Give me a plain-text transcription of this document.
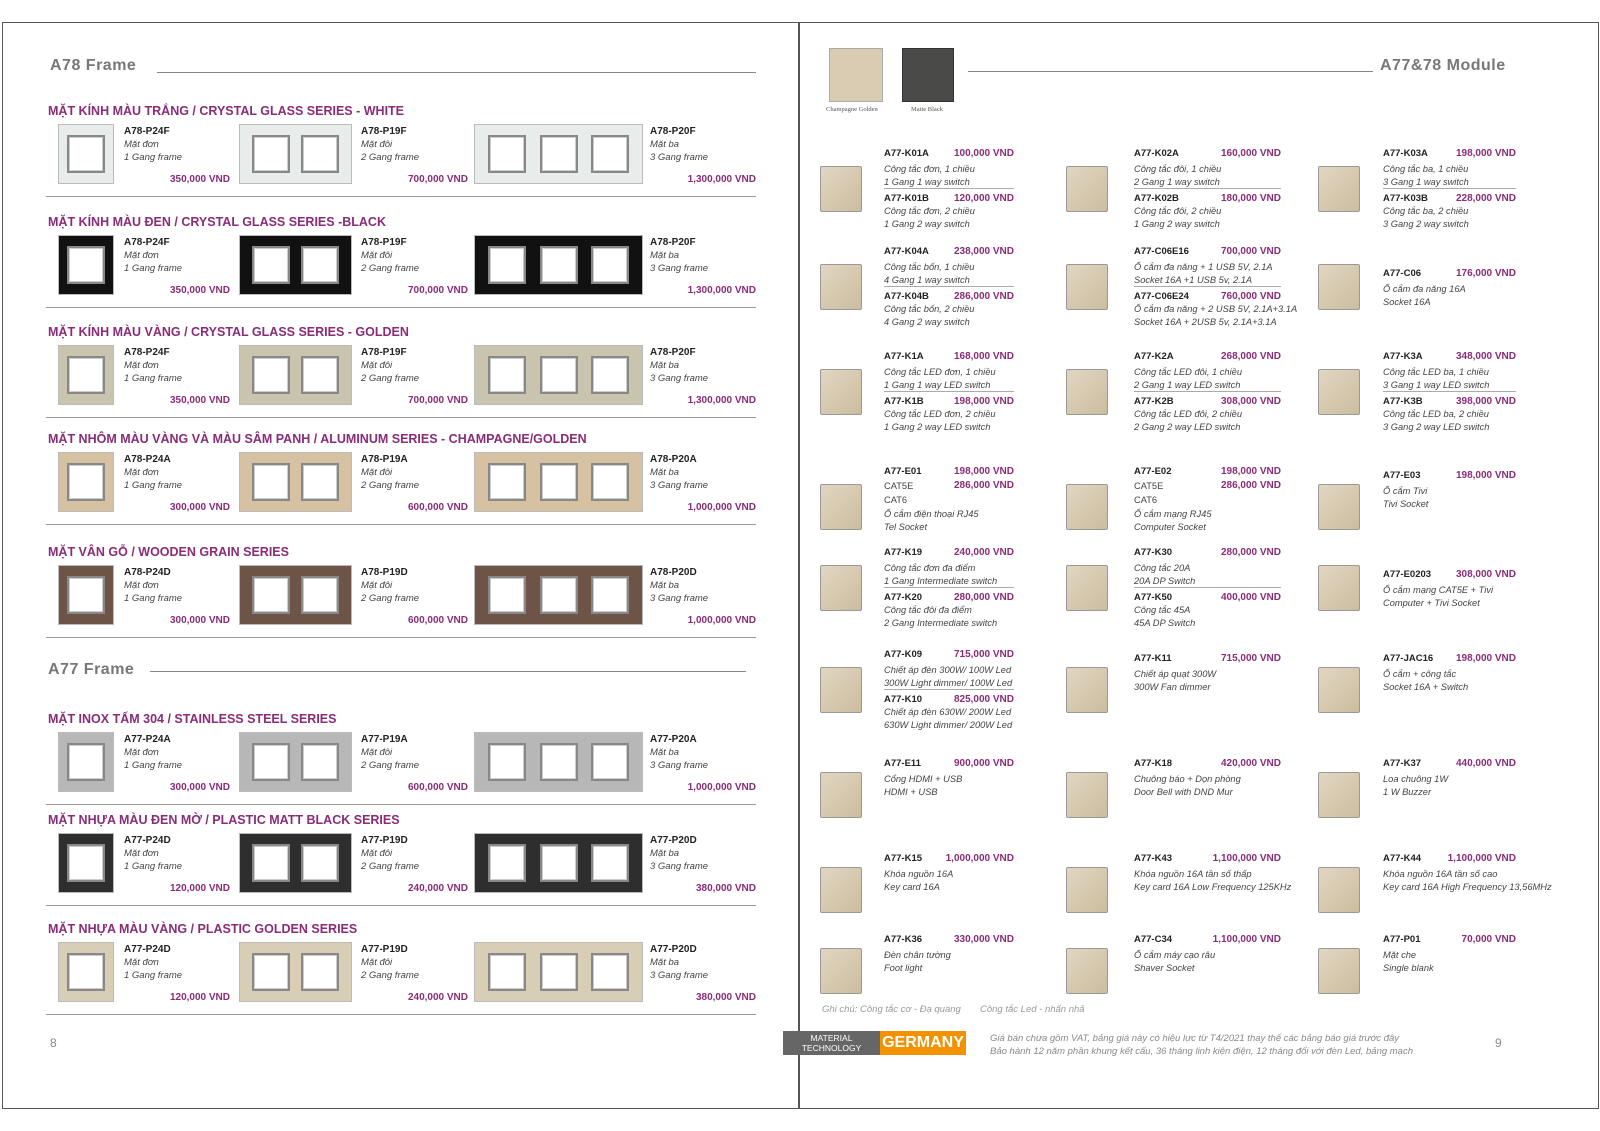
A78 Frame
A77 Frame
8
MẶT KÍNH MÀU TRẮNG / CRYSTAL GLASS SERIES - WHITE
A78-P24F
Mặt đơn
1 Gang frame
350,000 VND
A78-P19F
Mặt đôi
2 Gang frame
700,000 VND
A78-P20F
Mặt ba
3 Gang frame
1,300,000 VND
MẶT KÍNH MÀU ĐEN / CRYSTAL GLASS SERIES -BLACK
A78-P24F
Mặt đơn
1 Gang frame
350,000 VND
A78-P19F
Mặt đôi
2 Gang frame
700,000 VND
A78-P20F
Mặt ba
3 Gang frame
1,300,000 VND
MẶT KÍNH MÀU VÀNG / CRYSTAL GLASS SERIES - GOLDEN
A78-P24F
Mặt đơn
1 Gang frame
350,000 VND
A78-P19F
Mặt đôi
2 Gang frame
700,000 VND
A78-P20F
Mặt ba
3 Gang frame
1,300,000 VND
MẶT NHÔM MÀU VÀNG VÀ MÀU SÂM PANH / ALUMINUM SERIES - CHAMPAGNE/GOLDEN
A78-P24A
Mặt đơn
1 Gang frame
300,000 VND
A78-P19A
Mặt đôi
2 Gang frame
600,000 VND
A78-P20A
Mặt ba
3 Gang frame
1,000,000 VND
MẶT VÂN GỖ / WOODEN GRAIN SERIES
A78-P24D
Mặt đơn
1 Gang frame
300,000 VND
A78-P19D
Mặt đôi
2 Gang frame
600,000 VND
A78-P20D
Mặt ba
3 Gang frame
1,000,000 VND
MẶT INOX TẤM 304 / STAINLESS STEEL SERIES
A77-P24A
Mặt đơn
1 Gang frame
300,000 VND
A77-P19A
Mặt đôi
2 Gang frame
600,000 VND
A77-P20A
Mặt ba
3 Gang frame
1,000,000 VND
MẶT NHỰA MÀU ĐEN MỜ / PLASTIC MATT BLACK SERIES
A77-P24D
Mặt đơn
1 Gang frame
120,000 VND
A77-P19D
Mặt đôi
2 Gang frame
240,000 VND
A77-P20D
Mặt ba
3 Gang frame
380,000 VND
MẶT NHỰA MÀU VÀNG / PLASTIC GOLDEN SERIES
A77-P24D
Mặt đơn
1 Gang frame
120,000 VND
A77-P19D
Mặt đôi
2 Gang frame
240,000 VND
A77-P20D
Mặt ba
3 Gang frame
380,000 VND
Champagne Golden	Matte Black
A77&78 Module
A77-K01A	100,000 VND
Công tắc đơn, 1 chiều
1 Gang 1 way switch
A77-K01B	120,000 VND
Công tắc đơn, 2 chiều
1 Gang 2 way switch
A77-K02A	160,000 VND
Công tắc đôi, 1 chiều
2 Gang 1 way switch
A77-K02B	180,000 VND
Công tắc đôi, 2 chiều
1 Gang 2 way switch
A77-K03A	198,000 VND
Công tắc ba, 1 chiều
3 Gang 1 way switch
A77-K03B	228,000 VND
Công tắc ba, 2 chiều
3 Gang 2 way switch
A77-K04A	238,000 VND
Công tắc bốn, 1 chiều
4 Gang 1 way switch
A77-K04B	286,000 VND
Công tắc bốn, 2 chiều
4 Gang 2 way switch
A77-C06E16	700,000 VND
Ổ cắm đa năng + 1 USB 5V, 2.1A
Socket 16A +1 USB 5v, 2.1A
A77-C06E24	760,000 VND
Ổ cắm đa năng + 2 USB 5V, 2.1A+3.1A
Socket 16A + 2USB 5v, 2.1A+3.1A
A77-C06	176,000 VND
Ổ cắm đa năng 16A
Socket 16A
A77-K1A	168,000 VND
Công tắc LED đơn, 1 chiều
1 Gang 1 way LED switch
A77-K1B	198,000 VND
Công tắc LED đơn, 2 chiều
1 Gang 2 way LED switch
A77-K2A	268,000 VND
Công tắc LED đôi, 1 chiều
2 Gang 1 way LED switch
A77-K2B	308,000 VND
Công tắc LED đôi, 2 chiều
2 Gang 2 way LED switch
A77-K3A	348,000 VND
Công tắc LED ba, 1 chiều
3 Gang 1 way LED switch
A77-K3B	398,000 VND
Công tắc LED ba, 2 chiều
3 Gang 2 way LED switch
A77-E01	198,000 VND
CAT5E	286,000 VND
CAT6
Ổ cắm điện thoại RJ45
Tel Socket
A77-E02	198,000 VND
CAT5E	286,000 VND
CAT6
Ổ cắm mạng RJ45
Computer Socket
A77-E03	198,000 VND
Ổ cắm Tivi
Tivi Socket
A77-K19	240,000 VND
Công tắc đơn đa điểm
1 Gang Intermediate switch
A77-K20	280,000 VND
Công tắc đôi đa điểm
2 Gang Intermediate switch
A77-K30	280,000 VND
Công tắc 20A
20A DP Switch
A77-K50	400,000 VND
Công tắc 45A
45A DP Switch
A77-E0203 308,000 VND
Ổ cắm mạng CAT5E + Tivi
Computer + Tivi Socket
A77-K09	715,000 VND
Chiết áp đèn 300W/ 100W Led
300W Light dimmer/ 100W Led
A77-K10	825,000 VND
Chiết áp đèn 630W/ 200W Led
630W Light dimmer/ 200W Led
A77-K11	715,000 VND
Chiết áp quạt 300W
300W Fan dimmer
A77-JAC16 198,000 VND
Ổ cắm + công tắc
Socket 16A + Switch
A77-E11	900,000 VND
Cổng HDMI + USB
HDMI + USB
A77-K18	420,000 VND
Chuông báo + Dọn phòng
Door Bell with DND Mur
A77-K37	440,000 VND
Loa chuông 1W
1 W Buzzer
A77-K15 1,000,000 VND
Khóa nguồn 16A
Key card 16A
A77-K43	1,100,000 VND
Khóa nguồn 16A tần số thấp
Key card 16A Low Frequency 125KHz
A77-K44	1,100,000 VND
Khóa nguồn 16A tần số cao
Key card 16A High Frequency 13,56MHz
A77-K36	330,000 VND
Đèn chân tường
Foot light
A77-C34	1,100,000 VND
Ổ cắm máy cạo râu
Shaver Socket
A77-P01	70,000 VND
Mặt che
Single blank
Ghi chú: Công tắc cơ - Đạ quang Công tắc Led - nhấn nhả
MATERIAL TECHNOLOGY	GERMANY	Giá bán chưa gồm VAT, bảng giá này có hiệu lực từ T4/2021 thay thế các bảng báo giá trước đây
Bảo hành 12 năm phần khung kết cấu, 36 tháng linh kiện điện, 12 tháng đổi với đèn Led, bảng mạch
9
